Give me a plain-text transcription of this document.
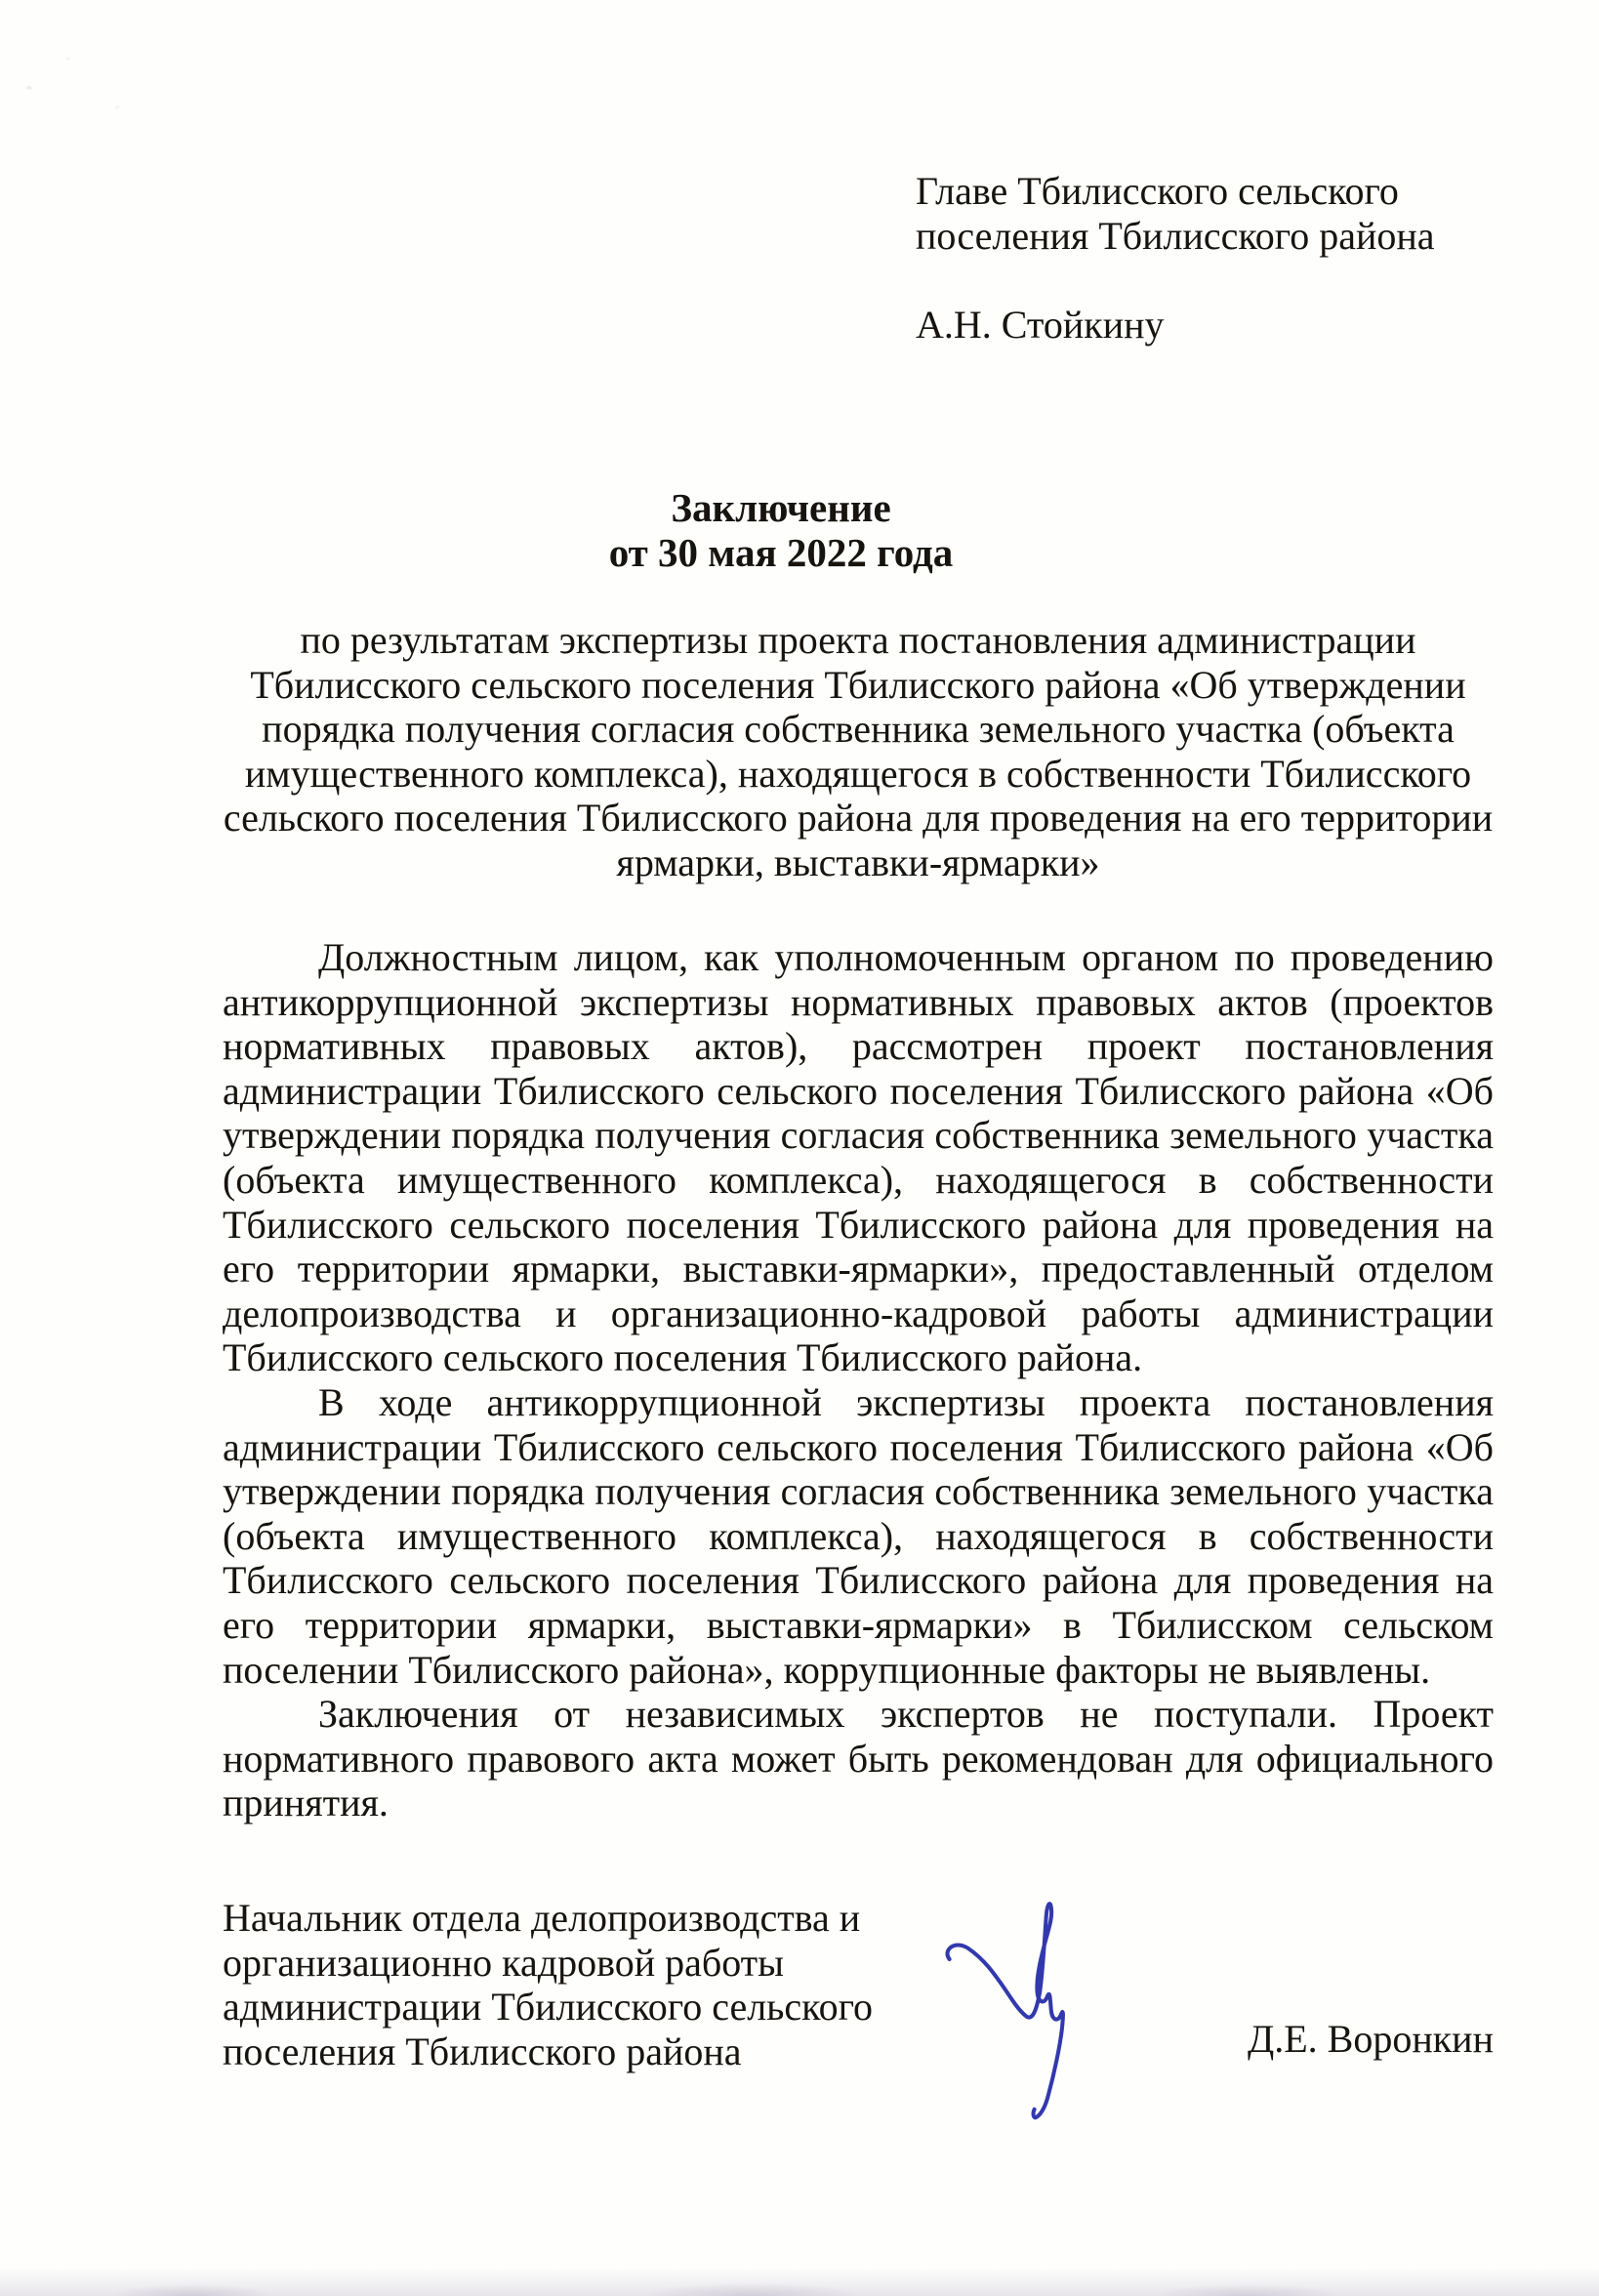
Главе Тбилисского сельского
поселения Тбилисского района
А.Н. Стойкину
Заключение
от 30 мая 2022 года
по результатам экспертизы проекта постановления администрации Тбилисского сельского поселения Тбилисского района «Об утверждении порядка получения согласия собственника земельного участка (объекта имущественного комплекса), находящегося в собственности Тбилисского сельского поселения Тбилисского района для проведения на его территории ярмарки, выставки-ярмарки»

Должностным лицом, как уполномоченным органом по проведению антикоррупционной экспертизы нормативных правовых актов (проектов нормативных правовых актов), рассмотрен проект постановления администрации Тбилисского сельского поселения Тбилисского района «Об утверждении порядка получения согласия собственника земельного участка (объекта имущественного комплекса), находящегося в собственности Тбилисского сельского поселения Тбилисского района для проведения на его территории ярмарки, выставки-ярмарки», предоставленный отделом делопроизводства и организационно-кадровой работы администрации Тбилисского сельского поселения Тбилисского района.

В ходе антикоррупционной экспертизы проекта постановления администрации Тбилисского сельского поселения Тбилисского района «Об утверждении порядка получения согласия собственника земельного участка (объекта имущественного комплекса), находящегося в собственности Тбилисского сельского поселения Тбилисского района для проведения на его территории ярмарки, выставки-ярмарки» в Тбилисском сельском поселении Тбилисского района», коррупционные факторы не выявлены.

Заключения от независимых экспертов не поступали. Проект нормативного правового акта может быть рекомендован для официального принятия.

Начальник отдела делопроизводства и организационно кадровой работы администрации Тбилисского сельского поселения Тбилисского района	Д.Е. Воронкин
